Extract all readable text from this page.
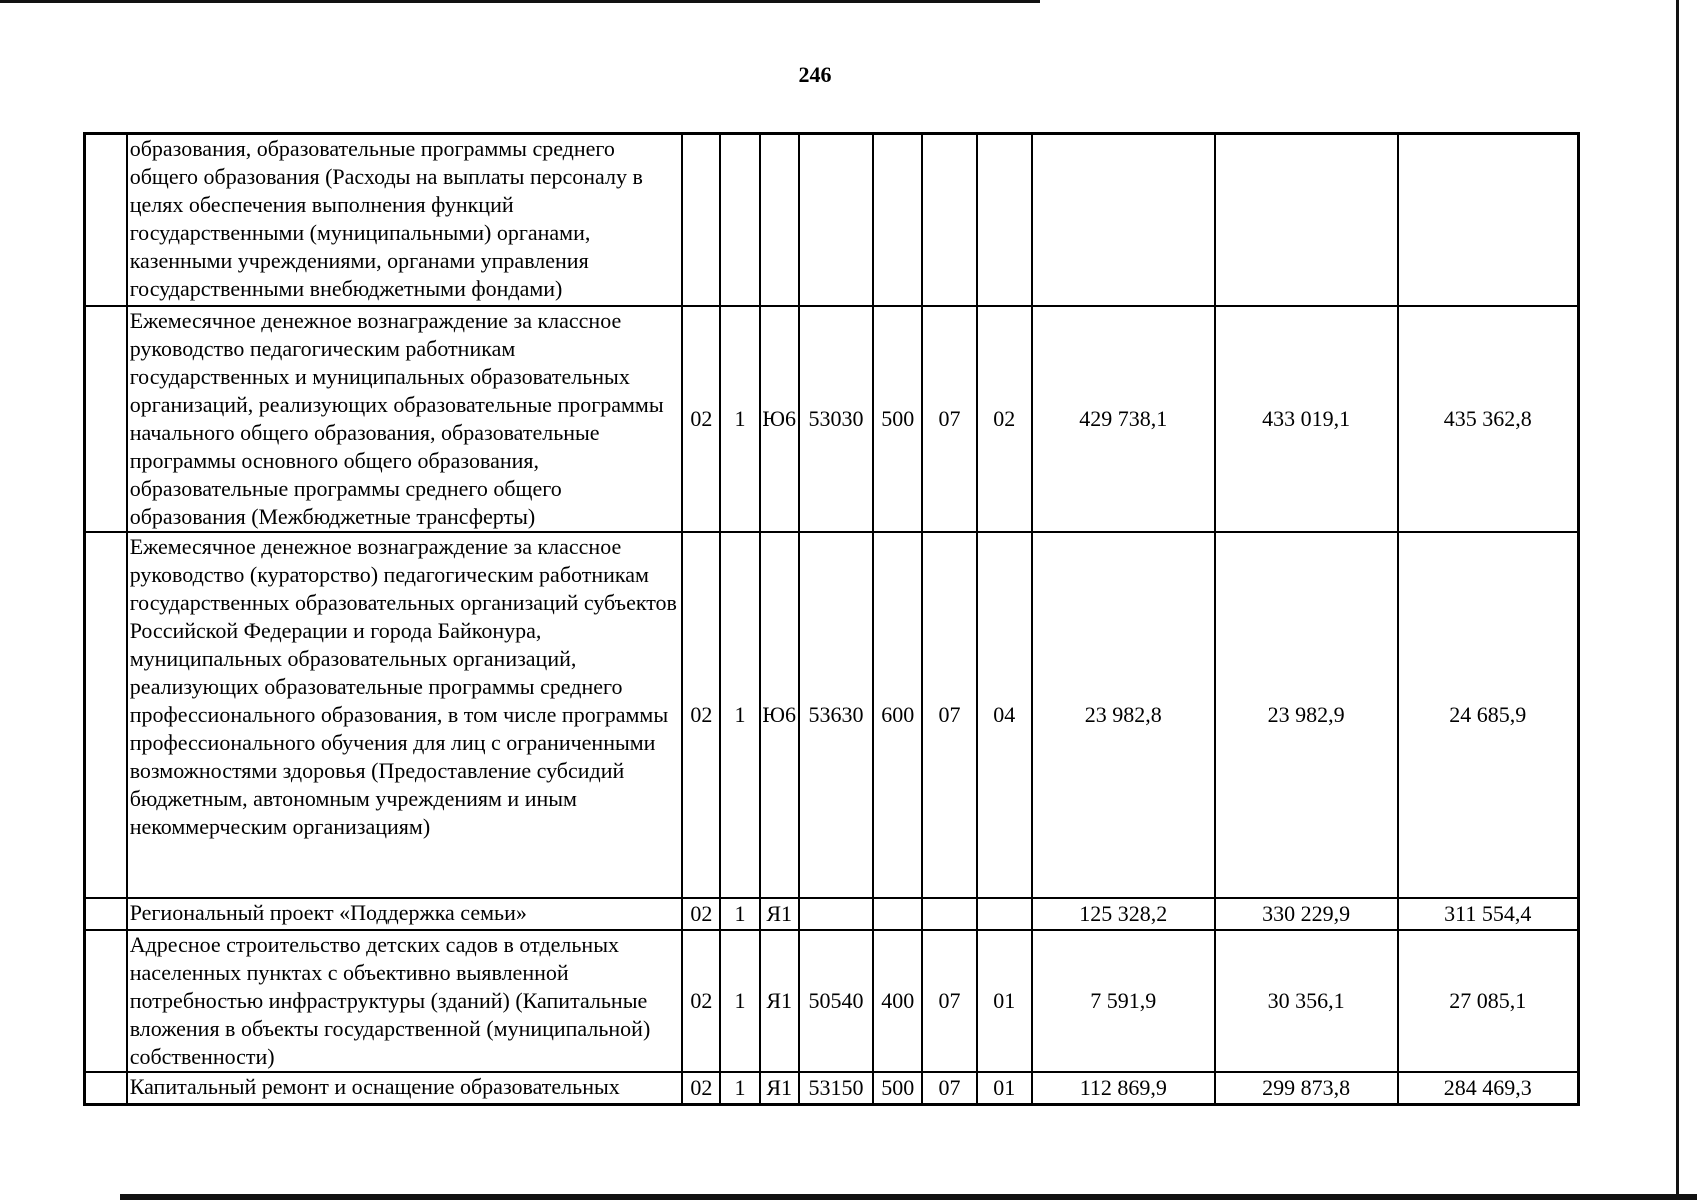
246
	образования, образовательные программы среднего общего образования (Расходы на выплаты персоналу в целях обеспечения выполнения функций государственными (муниципальными) органами, казенными учреждениями, органами управления государственными внебюджетными фондами)										
	Ежемесячное денежное вознаграждение за классное руководство педагогическим работникам государственных и муниципальных образовательных организаций, реализующих образовательные программы начального общего образования, образовательные программы основного общего образования, образовательные программы среднего общего образования (Межбюджетные трансферты)	02	1	Ю6	53030	500	07	02	429 738,1	433 019,1	435 362,8
	Ежемесячное денежное вознаграждение за классное руководство (кураторство) педагогическим работникам государственных образовательных организаций субъектов Российской Федерации и города Байконура, муниципальных образовательных организаций, реализующих образовательные программы среднего профессионального образования, в том числе программы профессионального обучения для лиц с ограниченными возможностями здоровья (Предоставление субсидий бюджетным, автономным учреждениям и иным некоммерческим организациям)	02	1	Ю6	53630	600	07	04	23 982,8	23 982,9	24 685,9
	Региональный проект «Поддержка семьи»	02	1	Я1					125 328,2	330 229,9	311 554,4
	Адресное строительство детских садов в отдельных населенных пунктах с объективно выявленной потребностью инфраструктуры (зданий) (Капитальные вложения в объекты государственной (муниципальной) собственности)	02	1	Я1	50540	400	07	01	7 591,9	30 356,1	27 085,1
	Капитальный ремонт и оснащение образовательных	02	1	Я1	53150	500	07	01	112 869,9	299 873,8	284 469,3
